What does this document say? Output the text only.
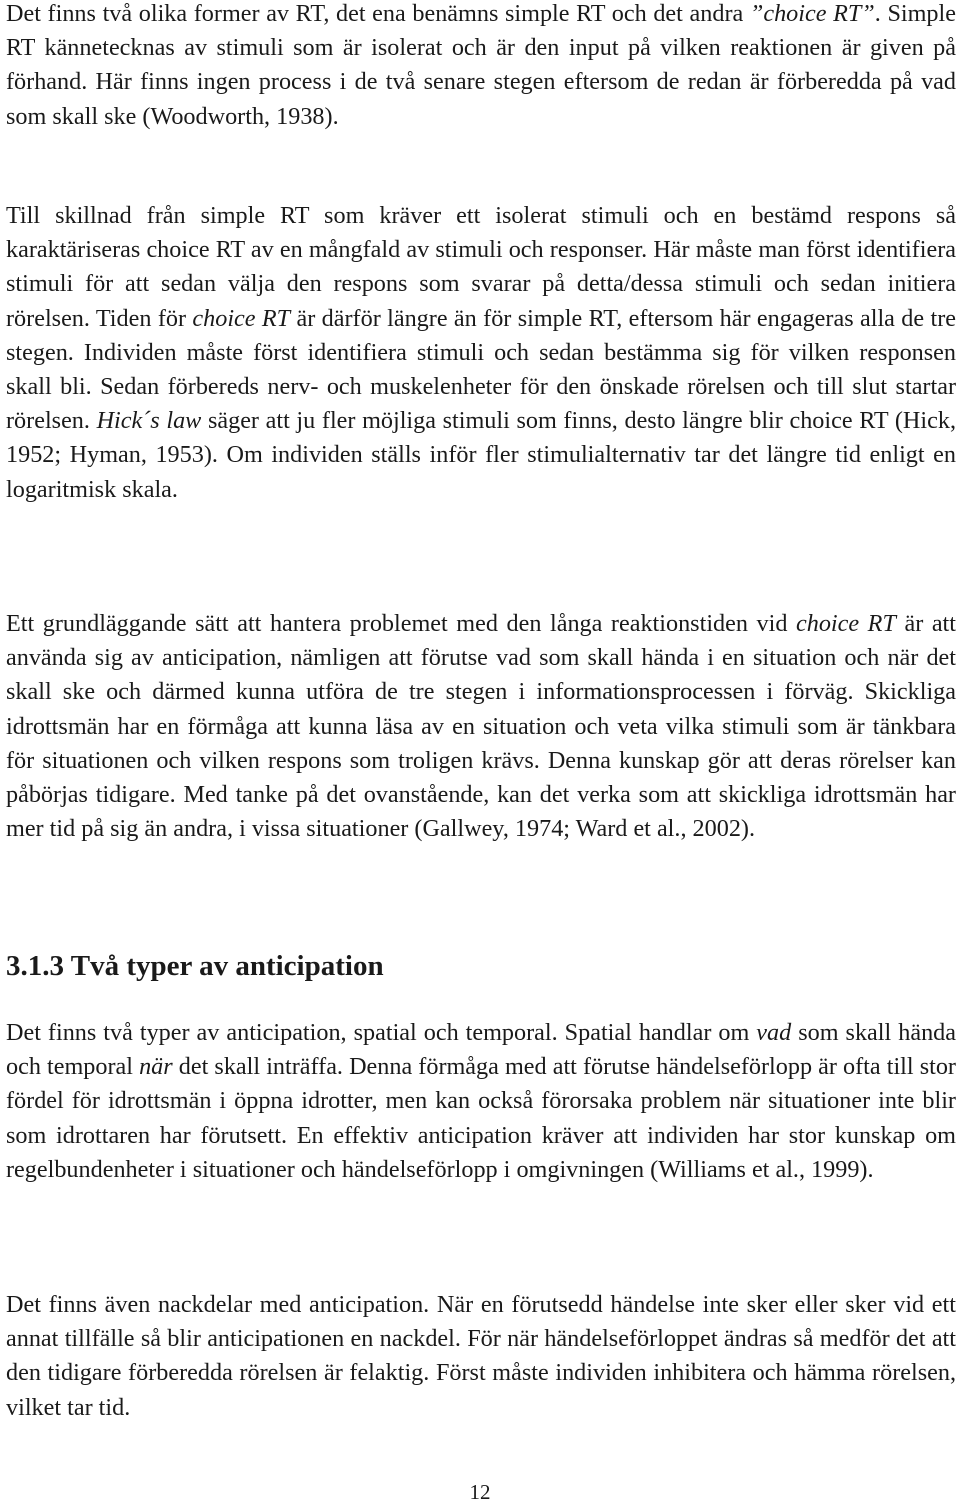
Det finns två olika former av RT, det ena benämns simple RT och det andra ”choice RT”. Simple RT kännetecknas av stimuli som är isolerat och är den input på vilken reaktionen är given på förhand. Här finns ingen process i de två senare stegen eftersom de redan är förberedda på vad som skall ske (Woodworth, 1938).

Till skillnad från simple RT som kräver ett isolerat stimuli och en bestämd respons så karaktäriseras choice RT av en mångfald av stimuli och responser. Här måste man först identifiera stimuli för att sedan välja den respons som svarar på detta/dessa stimuli och sedan initiera rörelsen. Tiden för choice RT är därför längre än för simple RT, eftersom här engageras alla de tre stegen. Individen måste först identifiera stimuli och sedan bestämma sig för vilken responsen skall bli. Sedan förbereds nerv- och muskelenheter för den önskade rörelsen och till slut startar rörelsen. Hick´s law säger att ju fler möjliga stimuli som finns, desto längre blir choice RT (Hick, 1952; Hyman, 1953). Om individen ställs inför fler stimulialternativ tar det längre tid enligt en logaritmisk skala.

Ett grundläggande sätt att hantera problemet med den långa reaktionstiden vid choice RT är att använda sig av anticipation, nämligen att förutse vad som skall hända i en situation och när det skall ske och därmed kunna utföra de tre stegen i informationsprocessen i förväg. Skickliga idrottsmän har en förmåga att kunna läsa av en situation och veta vilka stimuli som är tänkbara för situationen och vilken respons som troligen krävs. Denna kunskap gör att deras rörelser kan påbörjas tidigare. Med tanke på det ovanstående, kan det verka som att skickliga idrottsmän har mer tid på sig än andra, i vissa situationer (Gallwey, 1974; Ward et al., 2002).

3.1.3 Två typer av anticipation

Det finns två typer av anticipation, spatial och temporal. Spatial handlar om vad som skall hända och temporal när det skall inträffa. Denna förmåga med att förutse händelseförlopp är ofta till stor fördel för idrottsmän i öppna idrotter, men kan också förorsaka problem när situationer inte blir som idrottaren har förutsett. En effektiv anticipation kräver att individen har stor kunskap om regelbundenheter i situationer och händelseförlopp i omgivningen (Williams et al., 1999).

Det finns även nackdelar med anticipation. När en förutsedd händelse inte sker eller sker vid ett annat tillfälle så blir anticipationen en nackdel. För när händelseförloppet ändras så medför det att den tidigare förberedda rörelsen är felaktig. Först måste individen inhibitera och hämma rörelsen, vilket tar tid.

12
